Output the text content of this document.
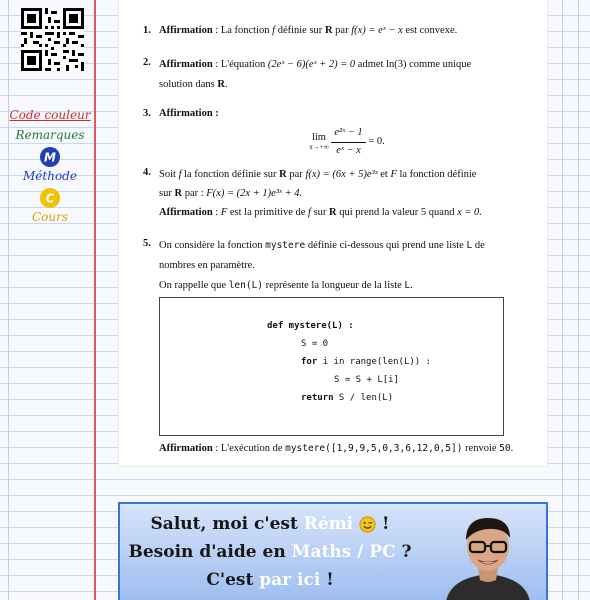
Code couleur
Remarques
M
Méthode
C
Cours
1. Affirmation : La fonction f définie sur R par f(x) = eˣ − x est convexe.
2. Affirmation : L'équation (2eˣ − 6)(eˣ + 2) = 0 admet ln(3) comme unique
solution dans R.
3. Affirmation :
lim
x→+∞
$\frac{\text{e²ˣ − 1}}{\text{eˣ − x}} = 0$.
4. Soit f la fonction définie sur R par f(x) = (6x + 5)e³ˣ et F la fonction définie
sur R par : F(x) = (2x + 1)e³ˣ + 4.
Affirmation : F est la primitive de f sur R qui prend la valeur 5 quand x = 0.
5. On considère la fonction mystere définie ci-dessous qui prend une liste L de
nombres en paramètre.
On rappelle que len(L) représente la longueur de la liste L.
def mystere(L) :
S = 0
for i in range(len(L)) :
S = S + L[i]
return S / len(L)
Affirmation : L'exécution de mystere([1,9,9,5,0,3,6,12,0,5]) renvoie 50.
Salut, moi c'est Rémi  !
Besoin d'aide en Maths / PC ?
C'est par ici !
